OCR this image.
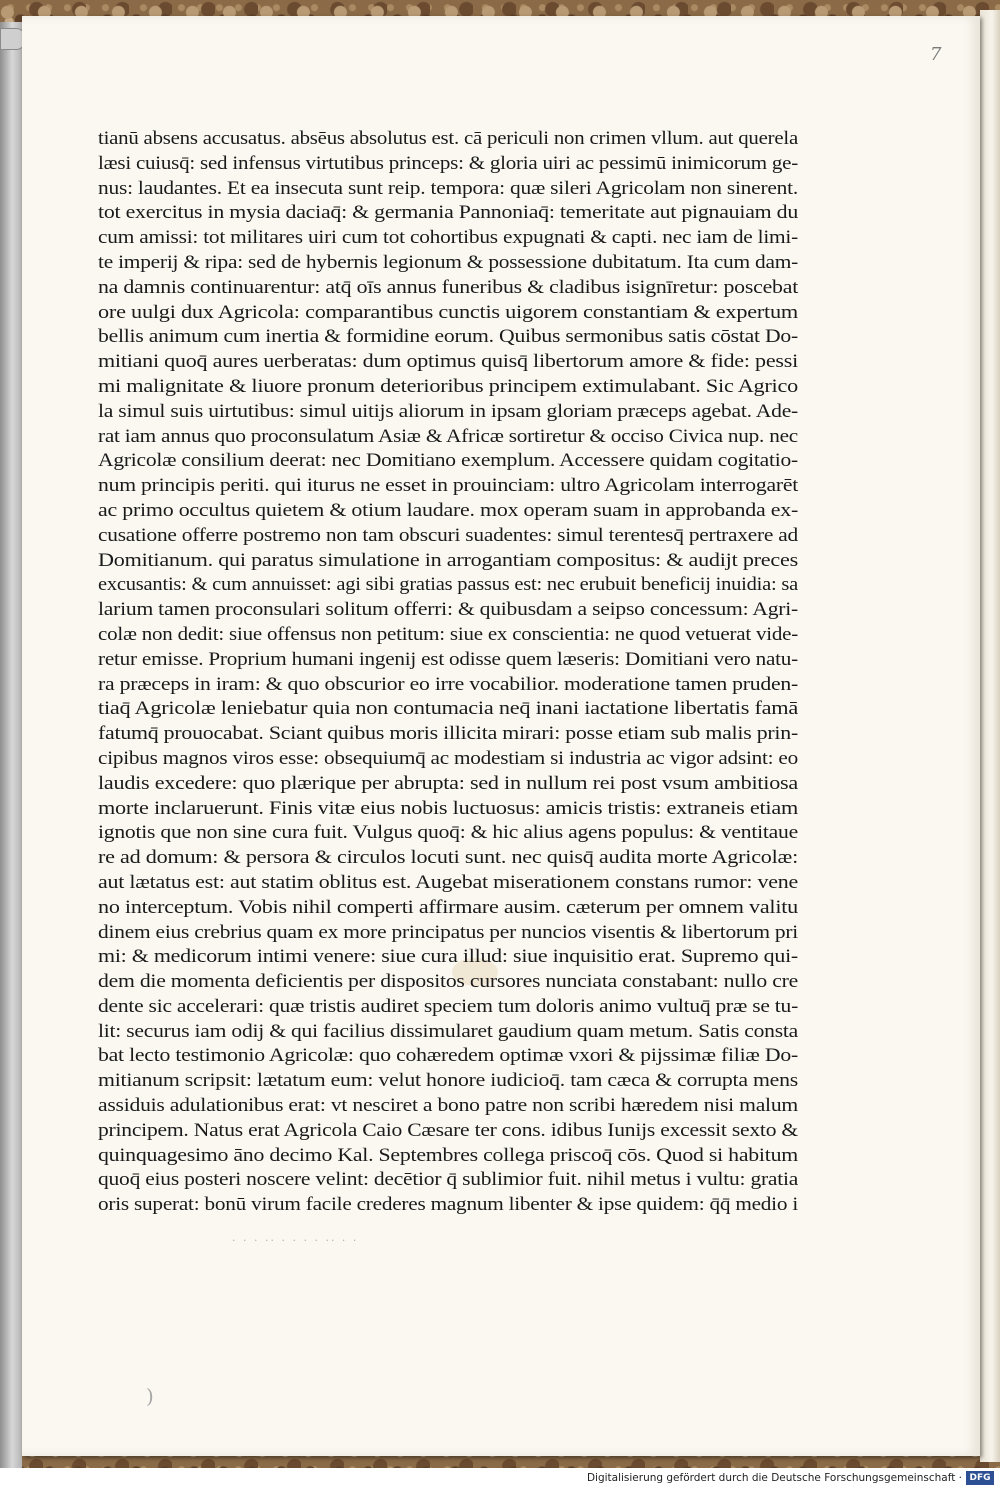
7
tianū absens accusatus. absēus absolutus est. cā periculi non crimen vllum. aut querela
læsi cuiusq̄: sed infensus virtutibus princeps: & gloria uiri ac pessimū inimicorum ge-
nus: laudantes. Et ea insecuta sunt reip. tempora: quæ sileri Agricolam non sinerent.
tot exercitus in mysia daciaq̄: & germania Pannoniaq̄: temeritate aut pignauiam du
cum amissi: tot militares uiri cum tot cohortibus expugnati & capti. nec iam de limi-
te imperij & ripa: sed de hybernis legionum & possessione dubitatum. Ita cum dam-
na damnis continuarentur: atq̄ oīs annus funeribus & cladibus isignīretur: poscebat
ore uulgi dux Agricola: comparantibus cunctis uigorem constantiam & expertum
bellis animum cum inertia & formidine eorum. Quibus sermonibus satis cōstat Do-
mitiani quoq̄ aures uerberatas: dum optimus quisq̄ libertorum amore & fide: pessi
mi malignitate & liuore pronum deterioribus principem extimulabant. Sic Agrico
la simul suis uirtutibus: simul uitijs aliorum in ipsam gloriam præceps agebat. Ade-
rat iam annus quo proconsulatum Asiæ & Africæ sortiretur & occiso Civica nup. nec
Agricolæ consilium deerat: nec Domitiano exemplum. Accessere quidam cogitatio-
num principis periti. qui iturus ne esset in prouinciam: ultro Agricolam interrogarēt
ac primo occultus quietem & otium laudare. mox operam suam in approbanda ex-
cusatione offerre postremo non tam obscuri suadentes: simul terentesq̄ pertraxere ad
Domitianum. qui paratus simulatione in arrogantiam compositus: & audijt preces
excusantis: & cum annuisset: agi sibi gratias passus est: nec erubuit beneficij inuidia: sa
larium tamen proconsulari solitum offerri: & quibusdam a seipso concessum: Agri-
colæ non dedit: siue offensus non petitum: siue ex conscientia: ne quod vetuerat vide-
retur emisse. Proprium humani ingenij est odisse quem læseris: Domitiani vero natu-
ra præceps in iram: & quo obscurior eo irre vocabilior. moderatione tamen pruden-
tiaq̄ Agricolæ leniebatur quia non contumacia neq̄ inani iactatione libertatis famā
fatumq̄ prouocabat. Sciant quibus moris illicita mirari: posse etiam sub malis prin-
cipibus magnos viros esse: obsequiumq̄ ac modestiam si industria ac vigor adsint: eo
laudis excedere: quo plærique per abrupta: sed in nullum rei post vsum ambitiosa
morte inclaruerunt. Finis vitæ eius nobis luctuosus: amicis tristis: extraneis etiam
ignotis que non sine cura fuit. Vulgus quoq̄: & hic alius agens populus: & ventitaue
re ad domum: & persora & circulos locuti sunt. nec quisq̄ audita morte Agricolæ:
aut lætatus est: aut statim oblitus est. Augebat miserationem constans rumor: vene
no interceptum. Vobis nihil comperti affirmare ausim. cæterum per omnem valitu
dinem eius crebrius quam ex more principatus per nuncios visentis & libertorum pri
mi: & medicorum intimi venere: siue cura illud: siue inquisitio erat. Supremo qui-
dem die momenta deficientis per dispositos cursores nunciata constabant: nullo cre
dente sic accelerari: quæ tristis audiret speciem tum doloris animo vultuq̄ præ se tu-
lit: securus iam odij & qui facilius dissimularet gaudium quam metum. Satis consta
bat lecto testimonio Agricolæ: quo cohæredem optimæ vxori & pijssimæ filiæ Do-
mitianum scripsit: lætatum eum: velut honore iudicioq̄. tam cæca & corrupta mens
assiduis adulationibus erat: vt nesciret a bono patre non scribi hæredem nisi malum
principem. Natus erat Agricola Caio Cæsare ter cons. idibus Iunijs excessit sexto &
quinquagesimo āno decimo Kal. Septembres collega priscoq̄ cōs. Quod si habitum
quoq̄ eius posteri noscere velint: decētior q̄ sublimior fuit. nihil metus i vultu: gratia
oris superat: bonū virum facile crederes magnum libenter & ipse quidem: q̄q̄ medio i
· · · ·· · · · · ·· · ·
)
Digitalisierung gefördert durch die Deutsche Forschungsgemeinschaft · DFG
